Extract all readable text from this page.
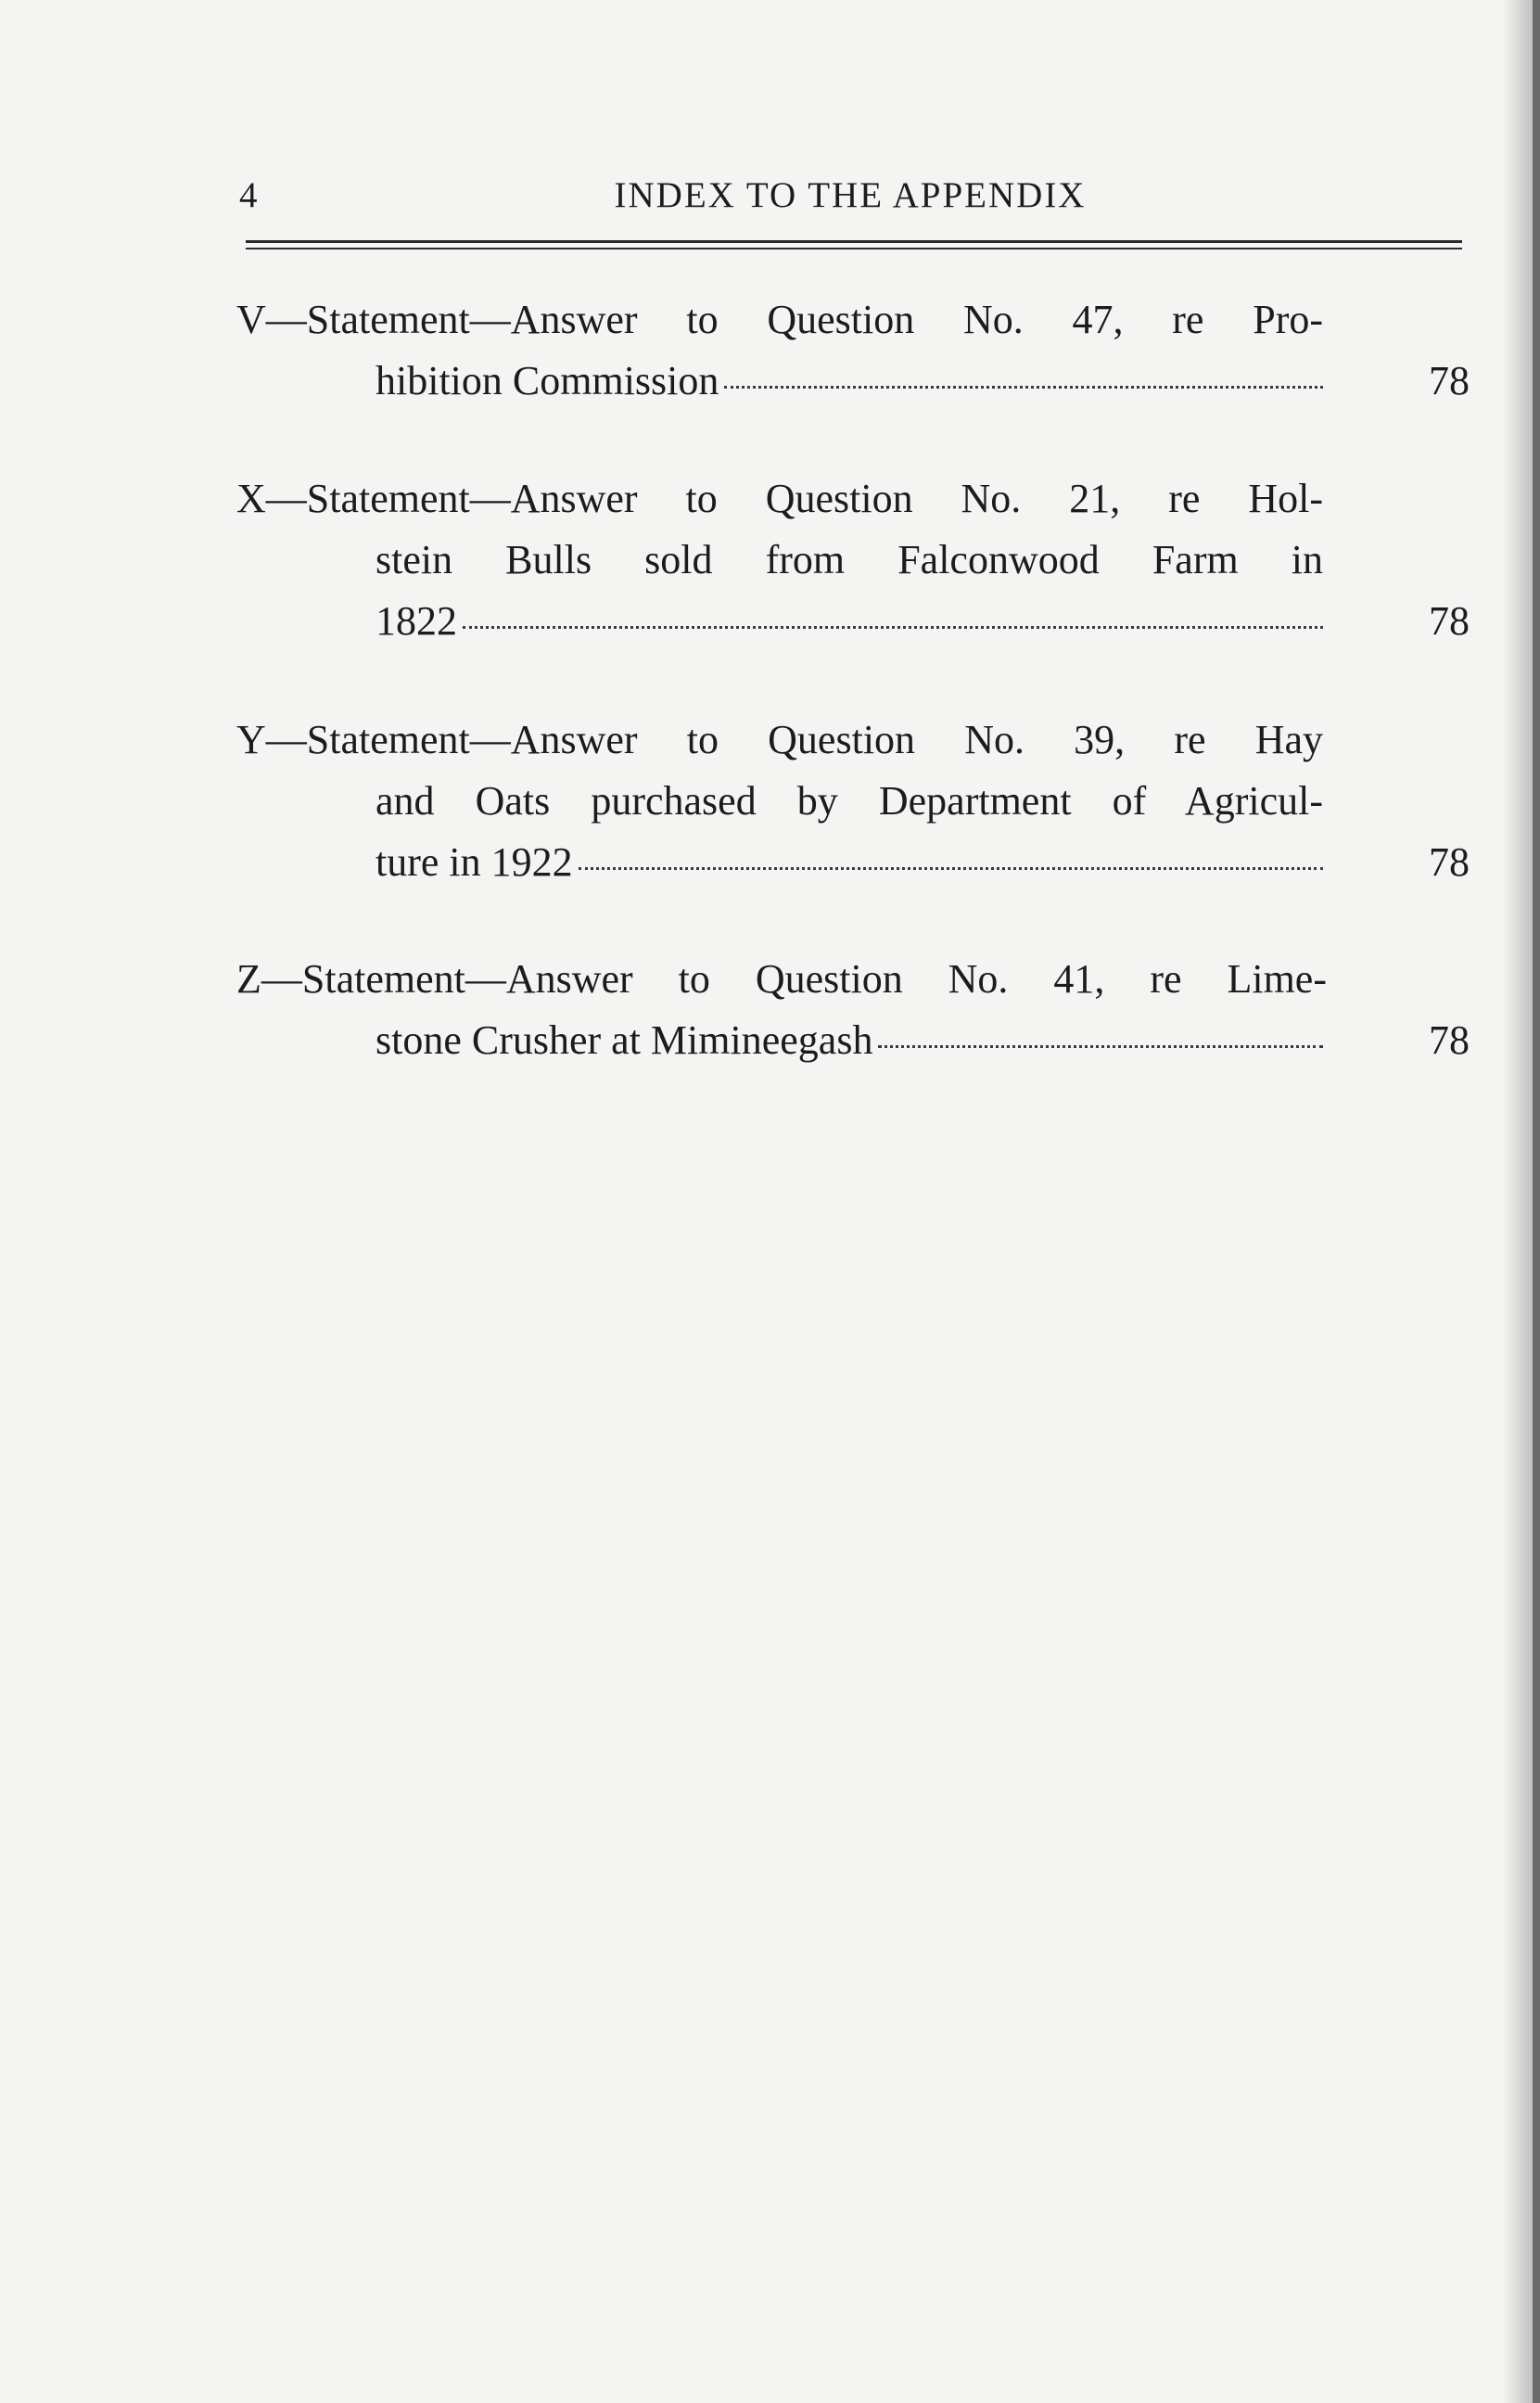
4	INDEX TO THE APPENDIX
V—Statement—Answer to Question No. 47, re Pro-
hibition Commission	78
X—Statement—Answer to Question No. 21, re Hol-
stein Bulls sold from Falconwood Farm in
1822	78
Y—Statement—Answer to Question No. 39, re Hay
and Oats purchased by Department of Agricul-
ture in 1922	78
Z—Statement—Answer to Question No. 41, re Lime-
stone Crusher at Mimineegash	78
